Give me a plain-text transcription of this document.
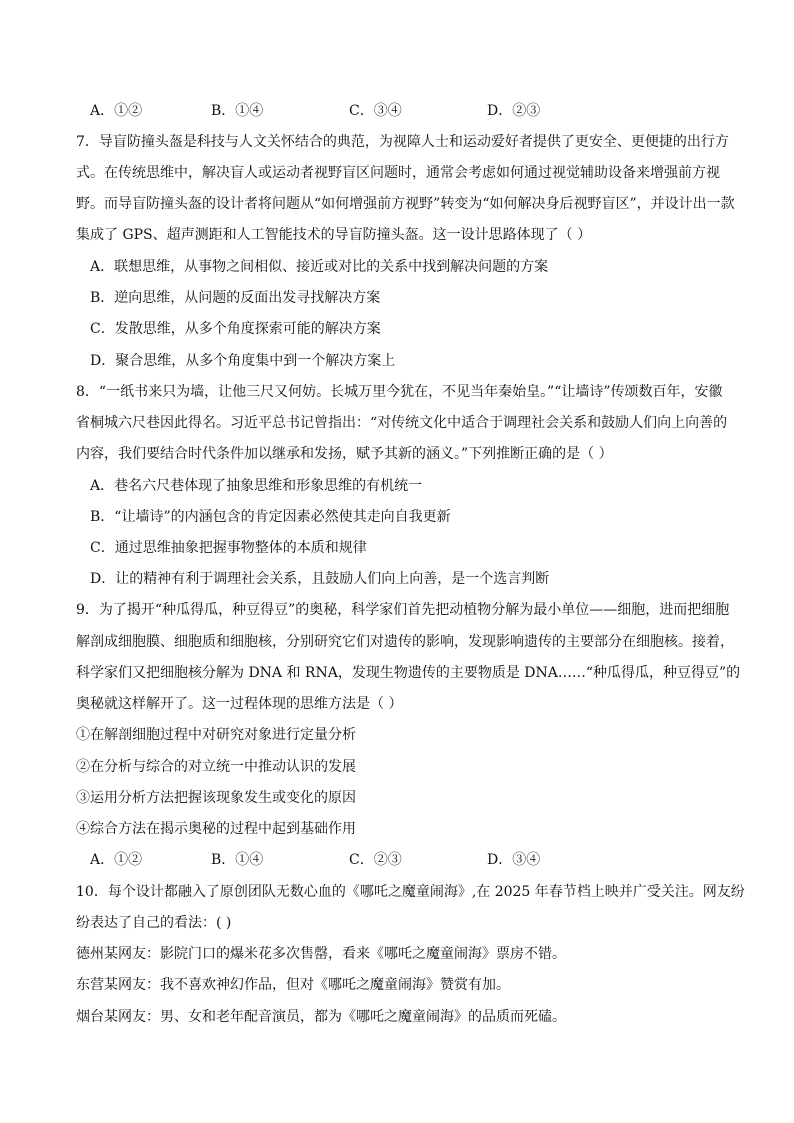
A．①②	B．①④	C．③④	D．②③
7．导盲防撞头盔是科技与人文关怀结合的典范，为视障人士和运动爱好者提供了更安全、更便捷的出行方
式。在传统思维中，解决盲人或运动者视野盲区问题时，通常会考虑如何通过视觉辅助设备来增强前方视
野。而导盲防撞头盔的设计者将问题从“如何增强前方视野”转变为“如何解决身后视野盲区”，并设计出一款
集成了 GPS、超声测距和人工智能技术的导盲防撞头盔。这一设计思路体现了（ ）
A．联想思维，从事物之间相似、接近或对比的关系中找到解决问题的方案
B．逆向思维，从问题的反面出发寻找解决方案
C．发散思维，从多个角度探索可能的解决方案
D．聚合思维，从多个角度集中到一个解决方案上
8．“一纸书来只为墙，让他三尺又何妨。长城万里今犹在，不见当年秦始皇。”“让墙诗”传颂数百年，安徽
省桐城六尺巷因此得名。习近平总书记曾指出：“对传统文化中适合于调理社会关系和鼓励人们向上向善的
内容，我们要结合时代条件加以继承和发扬，赋予其新的涵义。”下列推断正确的是（ ）
A．巷名六尺巷体现了抽象思维和形象思维的有机统一
B．“让墙诗”的内涵包含的肯定因素必然使其走向自我更新
C．通过思维抽象把握事物整体的本质和规律
D．让的精神有利于调理社会关系，且鼓励人们向上向善，是一个选言判断
9．为了揭开“种瓜得瓜，种豆得豆”的奥秘，科学家们首先把动植物分解为最小单位——细胞，进而把细胞
解剖成细胞膜、细胞质和细胞核，分别研究它们对遗传的影响，发现影响遗传的主要部分在细胞核。接着，
科学家们又把细胞核分解为 DNA 和 RNA，发现生物遗传的主要物质是 DNA……“种瓜得瓜，种豆得豆”的
奥秘就这样解开了。这一过程体现的思维方法是（ ）
①在解剖细胞过程中对研究对象进行定量分析
②在分析与综合的对立统一中推动认识的发展
③运用分析方法把握该现象发生或变化的原因
④综合方法在揭示奥秘的过程中起到基础作用
A．①②	B．①④	C．②③	D．③④
10．每个设计都融入了原创团队无数心血的《哪吒之魔童闹海》,在 2025 年春节档上映并广受关注。网友纷
纷表达了自己的看法：( )
德州某网友：影院门口的爆米花多次售罄，看来《哪吒之魔童闹海》票房不错。
东营某网友：我不喜欢神幻作品，但对《哪吒之魔童闹海》赞赏有加。
烟台某网友：男、女和老年配音演员，都为《哪吒之魔童闹海》的品质而死磕。
